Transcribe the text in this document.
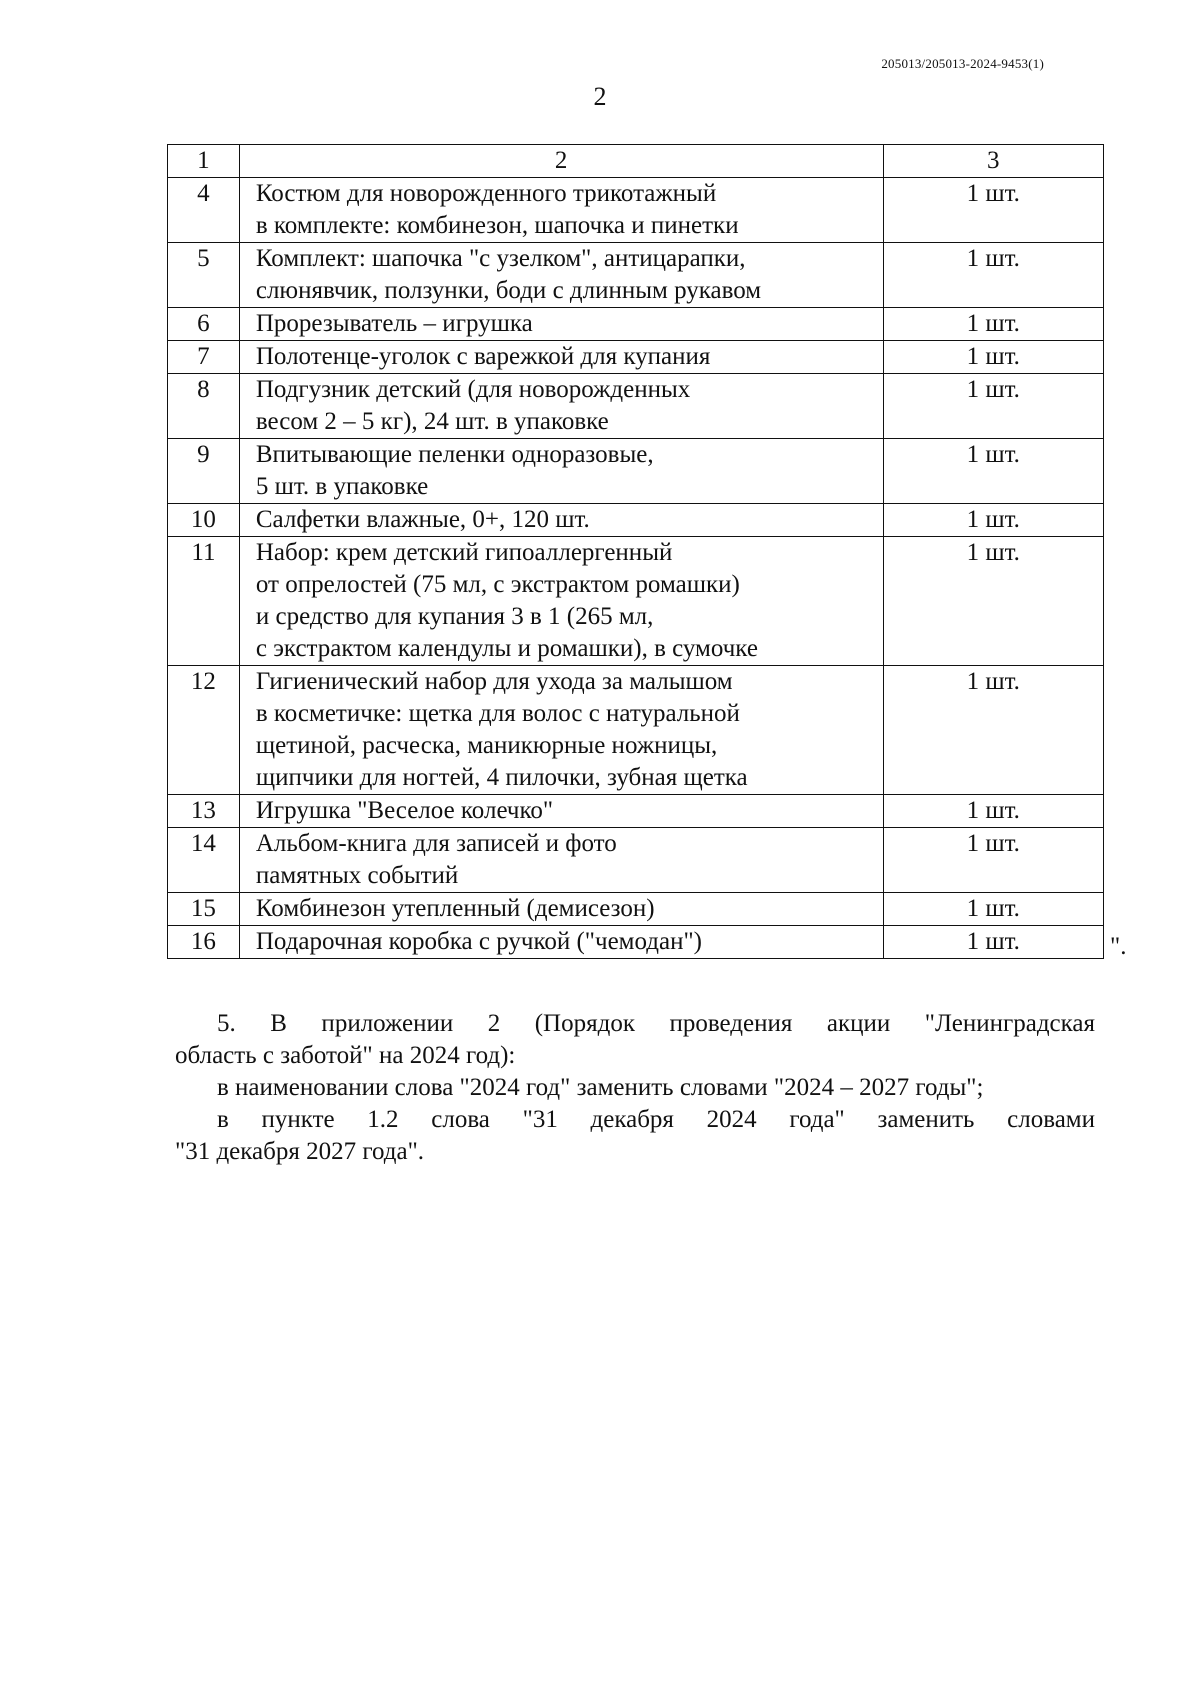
205013/205013-2024-9453(1)
2
1	2	3
4	Костюм для новорожденного трикотажный
в комплекте: комбинезон, шапочка и пинетки	1 шт.
5	Комплект: шапочка "с узелком", антицарапки,
слюнявчик, ползунки, боди с длинным рукавом	1 шт.
6	Прорезыватель – игрушка	1 шт.
7	Полотенце-уголок с варежкой для купания	1 шт.
8	Подгузник детский (для новорожденных
весом 2 – 5 кг), 24 шт. в упаковке	1 шт.
9	Впитывающие пеленки одноразовые,
5 шт. в упаковке	1 шт.
10	Салфетки влажные, 0+, 120 шт.	1 шт.
11	Набор: крем детский гипоаллергенный
от опрелостей (75 мл, с экстрактом ромашки)
и средство для купания 3 в 1 (265 мл,
с экстрактом календулы и ромашки), в сумочке	1 шт.
12	Гигиенический набор для ухода за малышом
в косметичке: щетка для волос с натуральной
щетиной, расческа, маникюрные ножницы,
щипчики для ногтей, 4 пилочки, зубная щетка	1 шт.
13	Игрушка "Веселое колечко"	1 шт.
14	Альбом-книга для записей и фото
памятных событий	1 шт.
15	Комбинезон утепленный (демисезон)	1 шт.
16	Подарочная коробка с ручкой ("чемодан")	1 шт.	".
5. В приложении 2 (Порядок проведения акции "Ленинградская
область с заботой" на 2024 год):
в наименовании слова "2024 год" заменить словами "2024 – 2027 годы";
в пункте 1.2 слова "31 декабря 2024 года" заменить словами
"31 декабря 2027 года".
